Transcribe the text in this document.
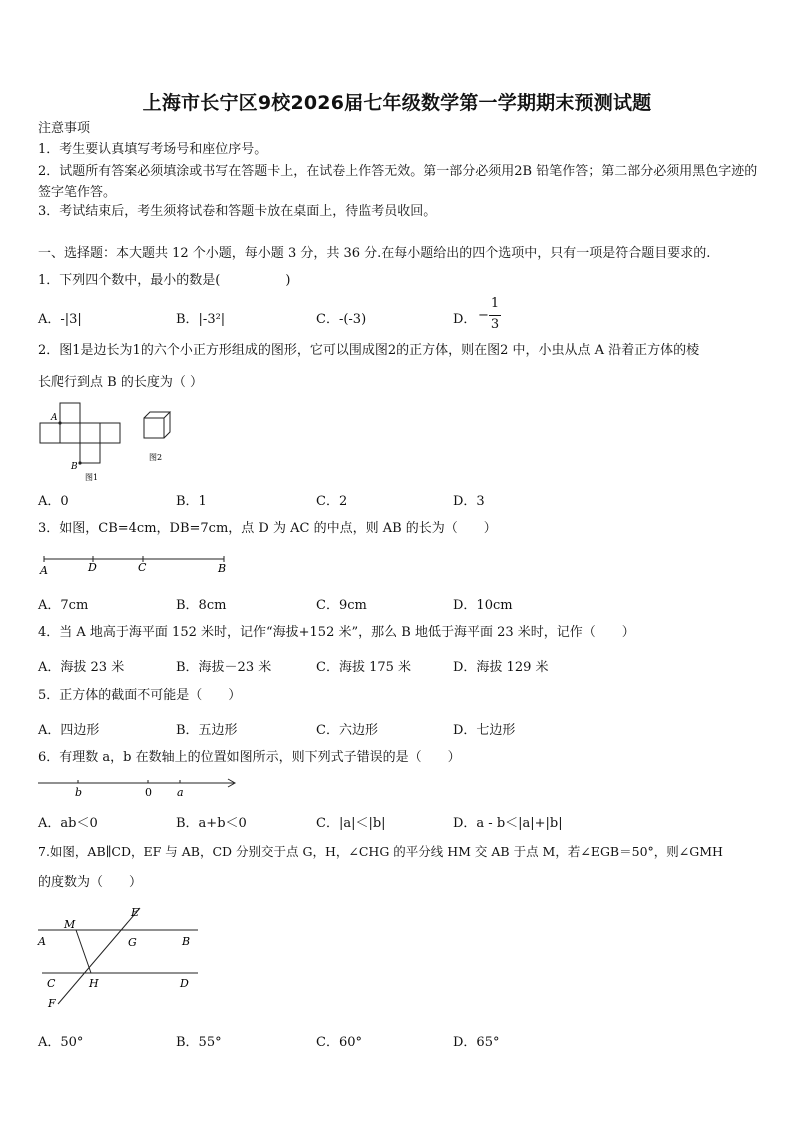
上海市长宁区9校2026届七年级数学第一学期期末预测试题
注意事项
1．考生要认真填写考场号和座位序号。
2．试题所有答案必须填涂或书写在答题卡上，在试卷上作答无效。第一部分必须用2B 铅笔作答；第二部分必须用黑色字迹的签字笔作答。
3．考试结束后，考生须将试卷和答题卡放在桌面上，待监考员收回。
一、选择题：本大题共 12 个小题，每小题 3 分，共 36 分.在每小题给出的四个选项中，只有一项是符合题目要求的.
1．下列四个数中，最小的数是(　　　　　)
A．-|3|	B．|-3²|	C．-(-3)	D． −
1
3
2．图1是边长为1的六个小正方形组成的图形，它可以围成图2的正方体，则在图2 中，小虫从点 A 沿着正方体的棱
长爬行到点 B 的长度为（ ）
A
B
图1
图2
A．0	B．1	C．2	D．3
3．如图，CB=4cm，DB=7cm，点 D 为 AC 的中点，则 AB 的长为（　　）
A	D	C	B
A．7cm	B．8cm	C．9cm	D．10cm
4．当 A 地高于海平面 152 米时，记作“海拔+152 米”，那么 B 地低于海平面 23 米时，记作（　　）
A．海拔 23 米	B．海拔－23 米	C．海拔 175 米	D．海拔 129 米
5．正方体的截面不可能是（　　）
A．四边形	B．五边形	C．六边形	D．七边形
6．有理数 a，b 在数轴上的位置如图所示，则下列式子错误的是（　　）
b	0 a
A．ab＜0	B．a+b＜0	C．|a|＜|b|	D．a - b＜|a|+|b|
7.如图，AB∥CD，EF 与 AB，CD 分别交于点 G，H，∠CHG 的平分线 HM 交 AB 于点 M，若∠EGB＝50°，则∠GMH
的度数为（　　）
E
M
A	G	B
C	H	D
F
A．50°	B．55°	C．60°	D．65°
